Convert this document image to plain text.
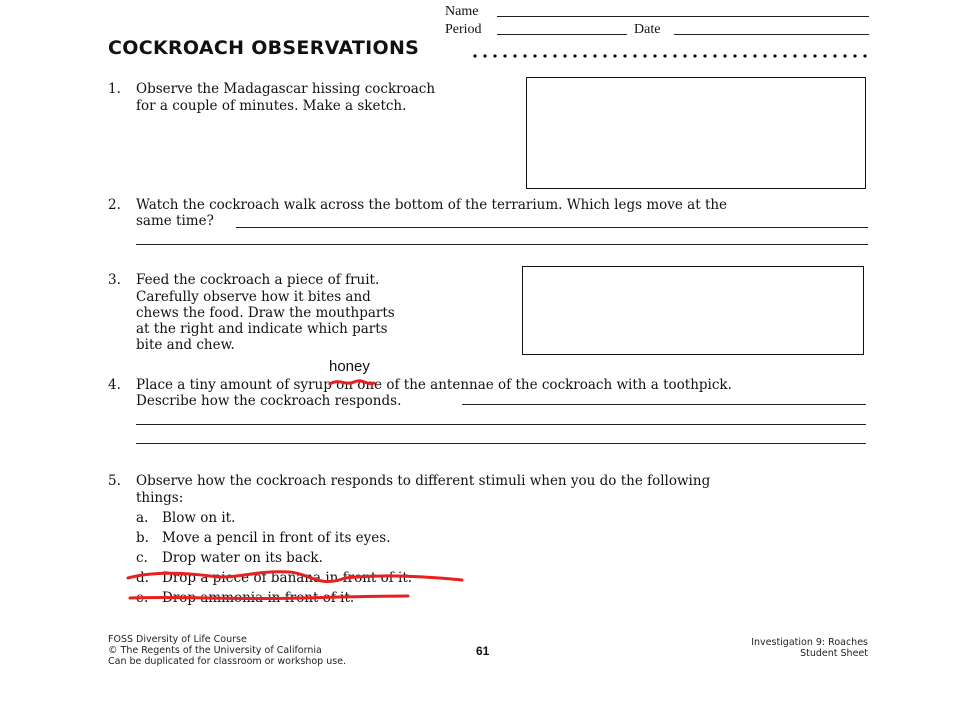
Name
Period	Date
COCKROACH OBSERVATIONS
1. Observe the Madagascar hissing cockroach
for a couple of minutes. Make a sketch.
2. Watch the cockroach walk across the bottom of the terrarium. Which legs move at the
same time?
3. Feed the cockroach a piece of fruit.
Carefully observe how it bites and
chews the food. Draw the mouthparts
at the right and indicate which parts
bite and chew.
honey
4. Place a tiny amount of syrup on one of the antennae of the cockroach with a toothpick.
Describe how the cockroach responds.
5. Observe how the cockroach responds to different stimuli when you do the following
things:
a. Blow on it.
b. Move a pencil in front of its eyes.
c. Drop water on its back.
d. Drop a piece of banana in front of it.
e. Drop ammonia in front of it.
FOSS Diversity of Life Course
© The Regents of the University of California
Can be duplicated for classroom or workshop use.
61
Investigation 9: Roaches
Student Sheet
